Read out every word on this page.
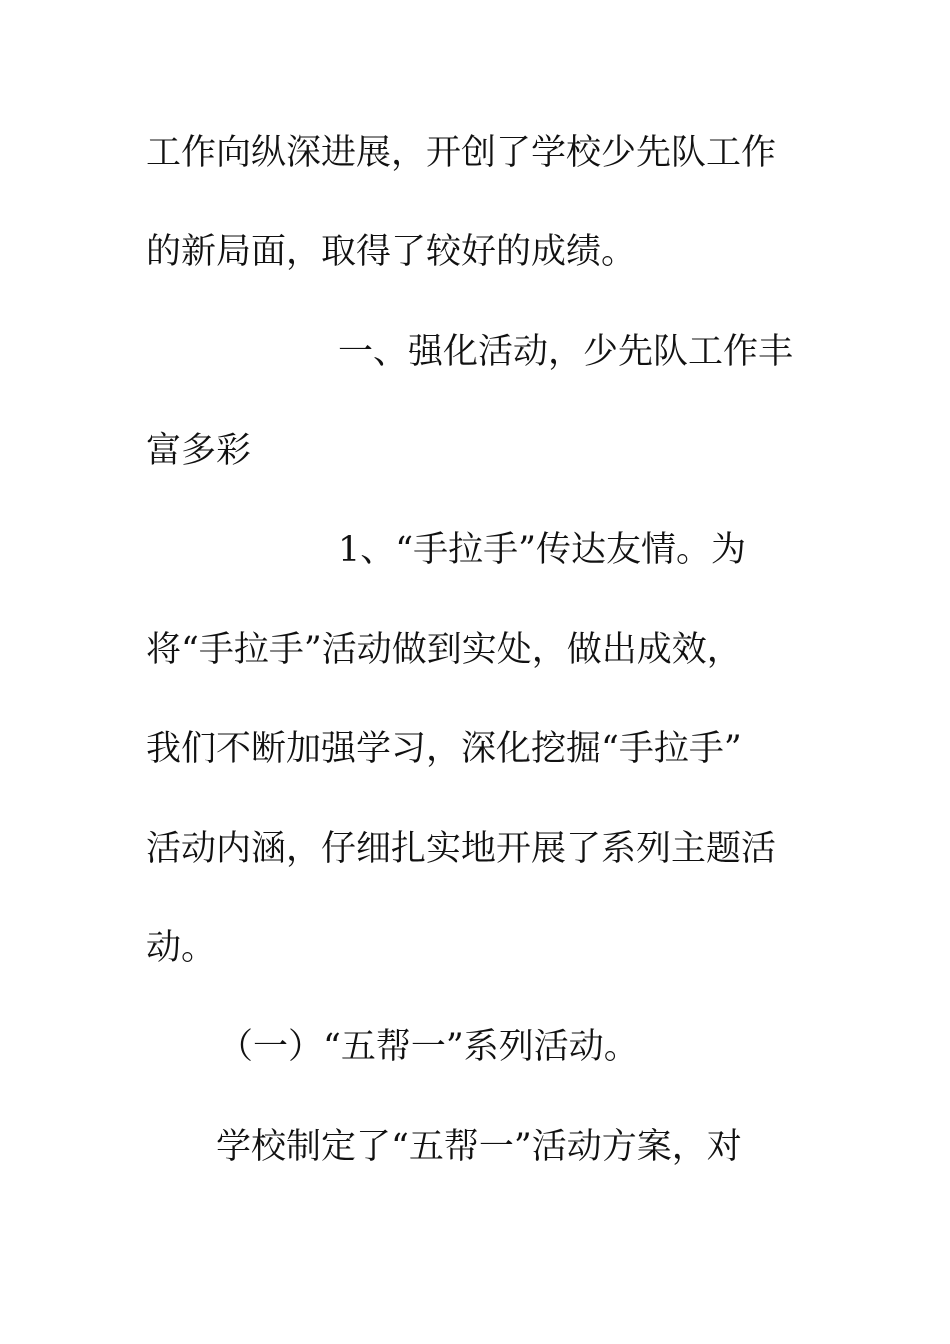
工作向纵深进展，开创了学校少先队工作
的新局面，取得了较好的成绩。
一、强化活动，少先队工作丰
富多彩
1、“手拉手”传达友情。为
将“手拉手”活动做到实处，做出成效，
我们不断加强学习，深化挖掘“手拉手”
活动内涵，仔细扎实地开展了系列主题活
动。
（一）“五帮一”系列活动。
学校制定了“五帮一”活动方案，对
